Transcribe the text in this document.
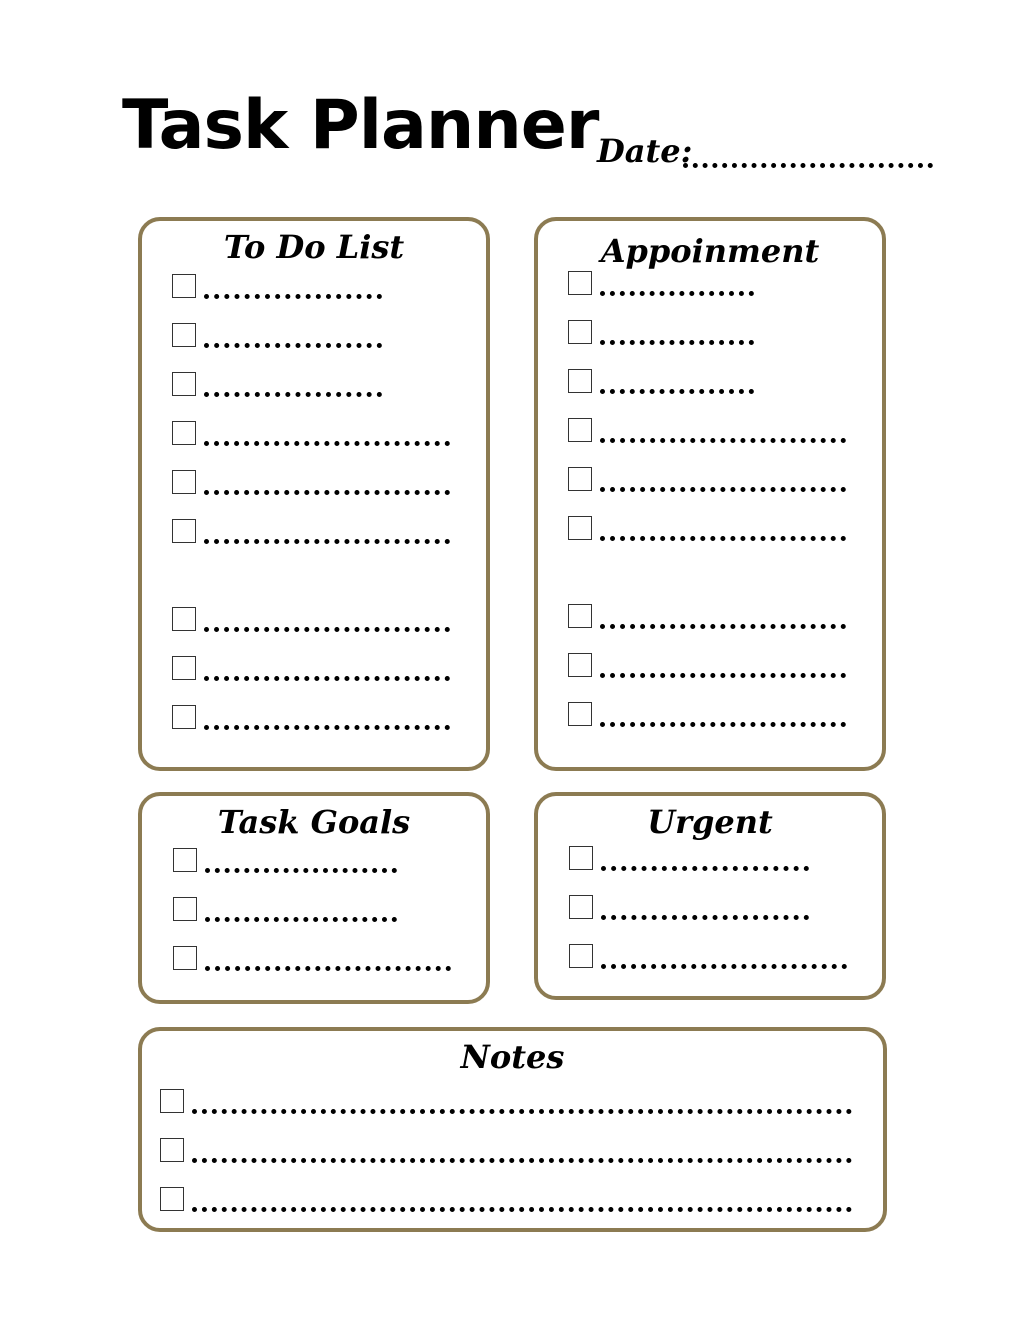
Task Planner
Date:
To Do List	Appoinment
Task Goals	Urgent
Notes
